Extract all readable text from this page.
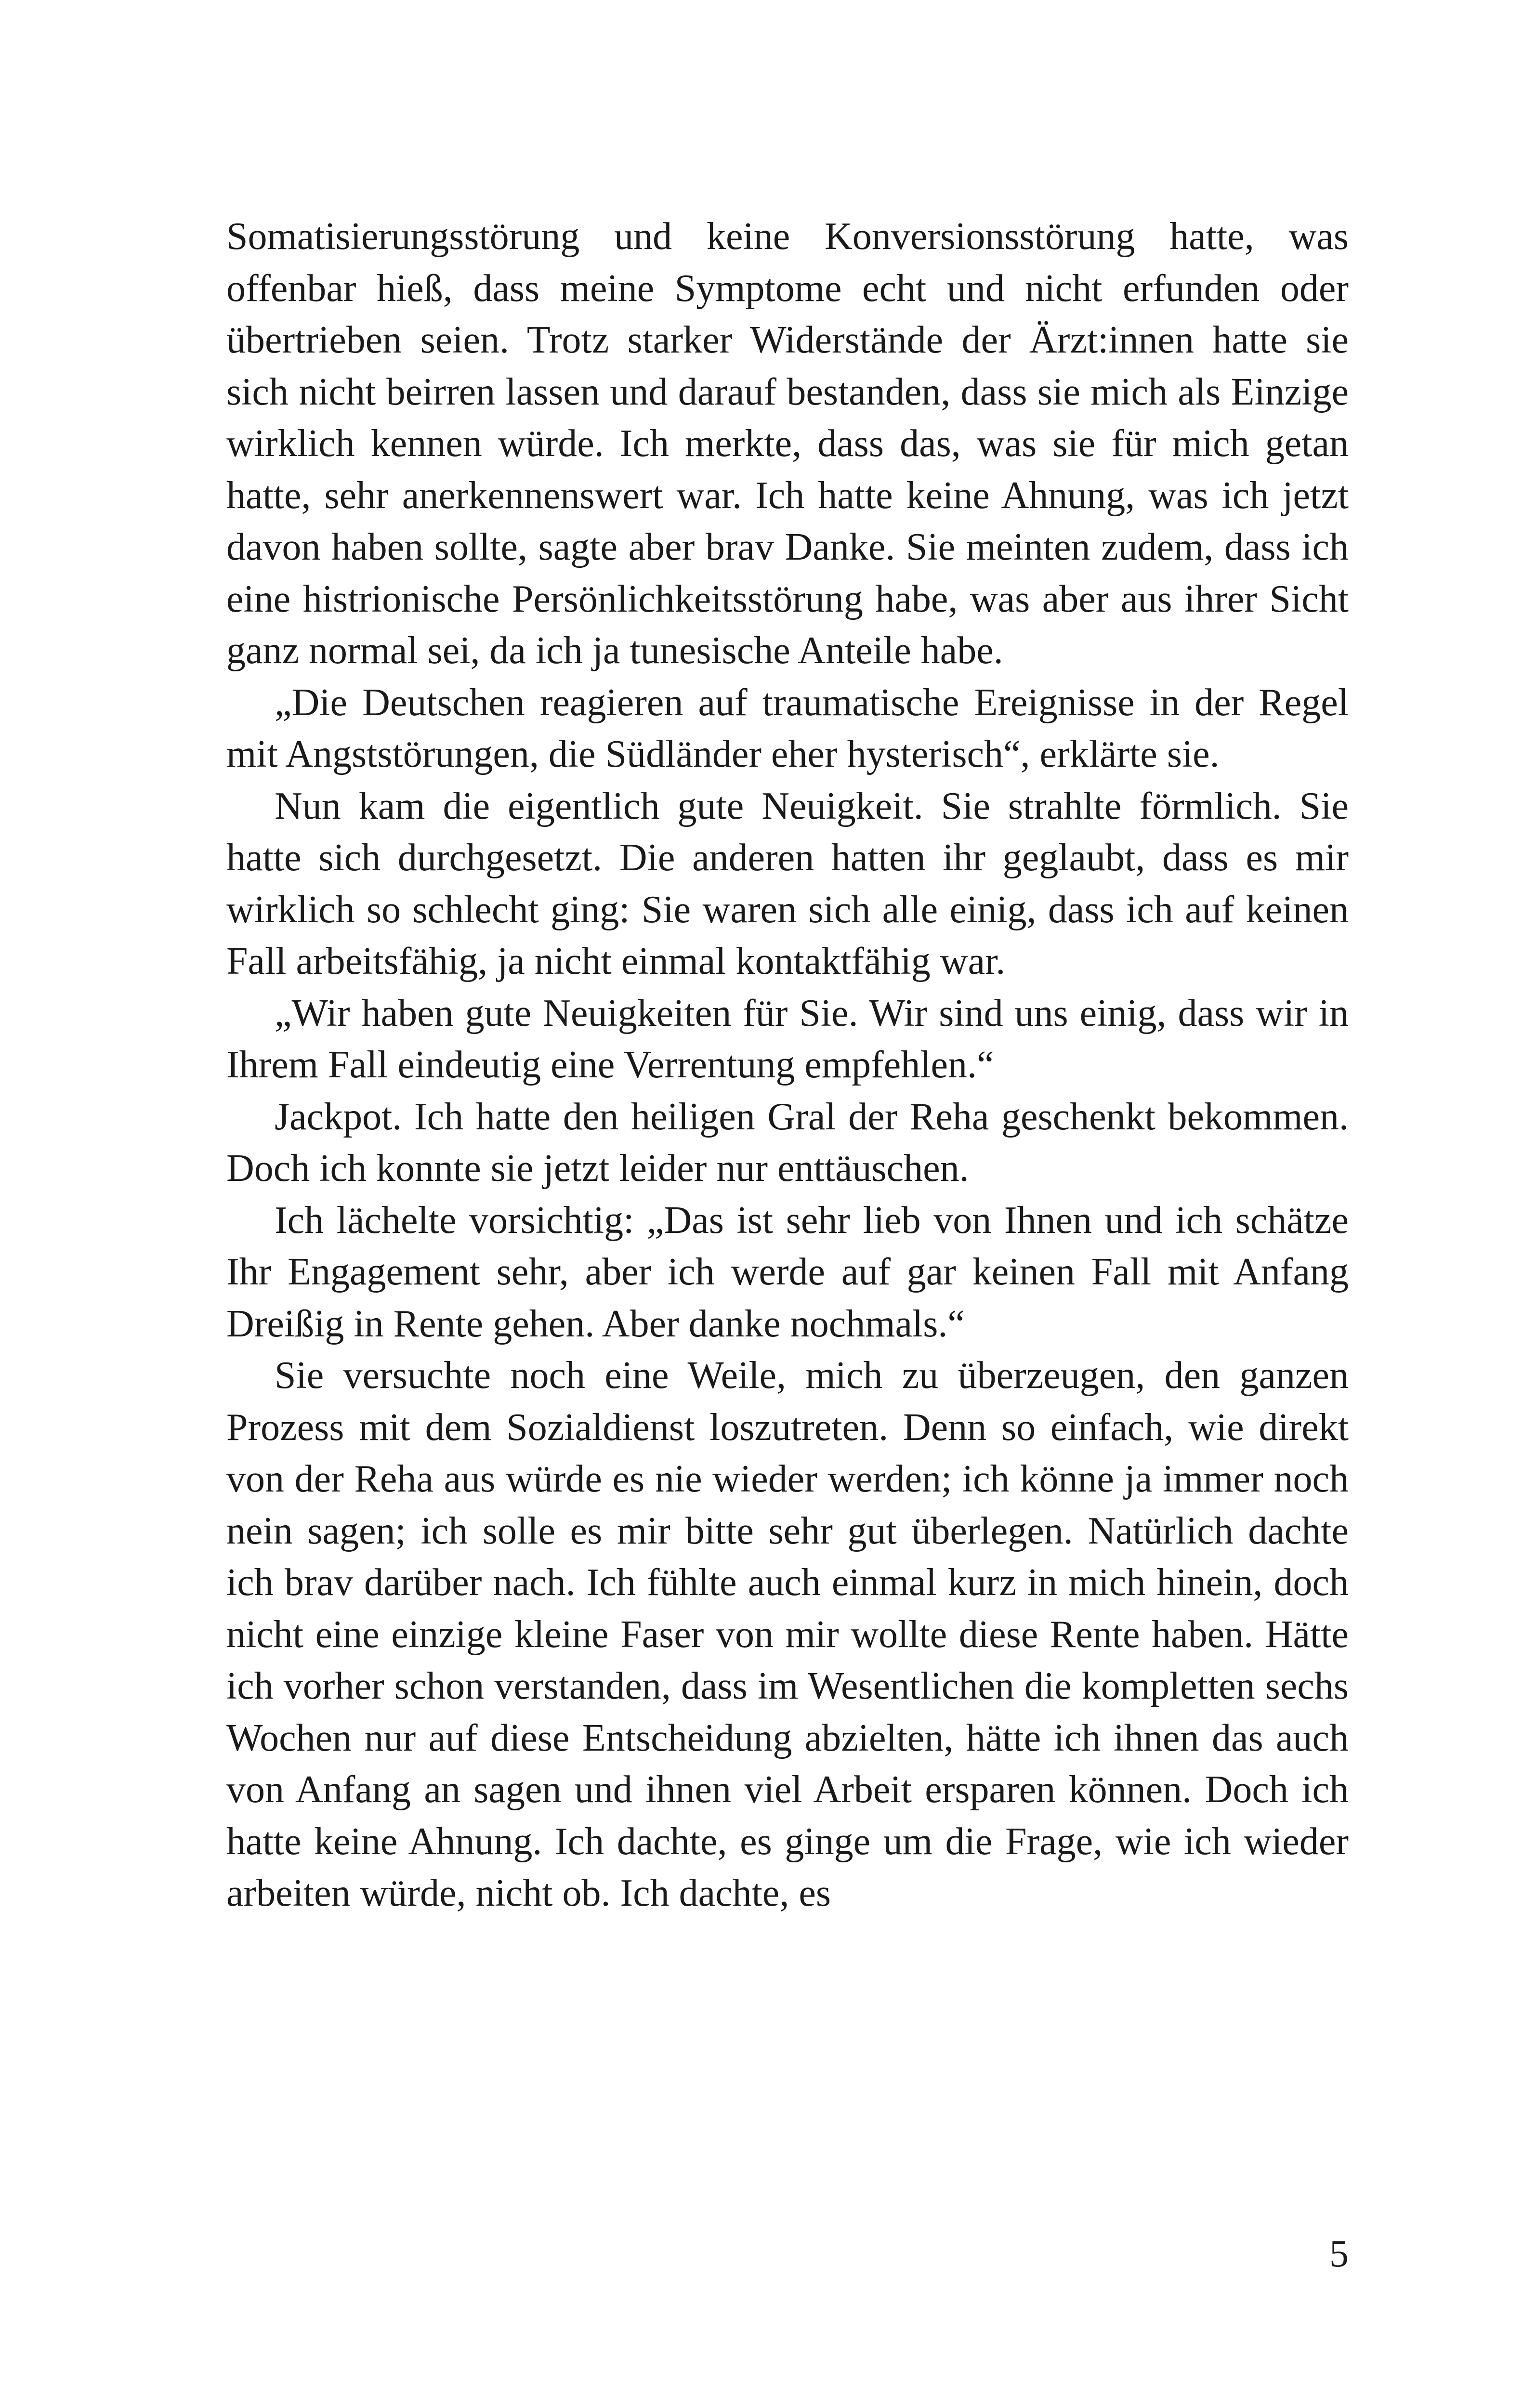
Somatisierungsstörung und keine Konversionsstörung hatte, was offenbar hieß, dass meine Symptome echt und nicht erfunden oder übertrieben seien. Trotz starker Widerstände der Ärzt:innen hatte sie sich nicht beirren lassen und darauf bestanden, dass sie mich als Einzige wirklich kennen würde. Ich merkte, dass das, was sie für mich getan hatte, sehr anerkennenswert war. Ich hatte keine Ahnung, was ich jetzt davon haben sollte, sagte aber brav Danke. Sie meinten zudem, dass ich eine histrionische Persönlichkeitsstörung habe, was aber aus ihrer Sicht ganz normal sei, da ich ja tunesische Anteile habe.

„Die Deutschen reagieren auf traumatische Ereignisse in der Regel mit Angststörungen, die Südländer eher hysterisch“, erklärte sie.

Nun kam die eigentlich gute Neuigkeit. Sie strahlte förmlich. Sie hatte sich durchgesetzt. Die anderen hatten ihr geglaubt, dass es mir wirklich so schlecht ging: Sie waren sich alle einig, dass ich auf keinen Fall arbeitsfähig, ja nicht einmal kontaktfähig war.

„Wir haben gute Neuigkeiten für Sie. Wir sind uns einig, dass wir in Ihrem Fall eindeutig eine Verrentung empfehlen.“

Jackpot. Ich hatte den heiligen Gral der Reha geschenkt bekommen. Doch ich konnte sie jetzt leider nur enttäuschen.

Ich lächelte vorsichtig: „Das ist sehr lieb von Ihnen und ich schätze Ihr Engagement sehr, aber ich werde auf gar keinen Fall mit Anfang Dreißig in Rente gehen. Aber danke nochmals.“

Sie versuchte noch eine Weile, mich zu überzeugen, den ganzen Prozess mit dem Sozialdienst loszutreten. Denn so einfach, wie direkt von der Reha aus würde es nie wieder werden; ich könne ja immer noch nein sagen; ich solle es mir bitte sehr gut überlegen. Natürlich dachte ich brav darüber nach. Ich fühlte auch einmal kurz in mich hinein, doch nicht eine einzige kleine Faser von mir wollte diese Rente haben. Hätte ich vorher schon verstanden, dass im Wesentlichen die kompletten sechs Wochen nur auf diese Entscheidung abzielten, hätte ich ihnen das auch von Anfang an sagen und ihnen viel Arbeit ersparen können. Doch ich hatte keine Ahnung. Ich dachte, es ginge um die Frage, wie ich wieder arbeiten würde, nicht ob. Ich dachte, es

5
